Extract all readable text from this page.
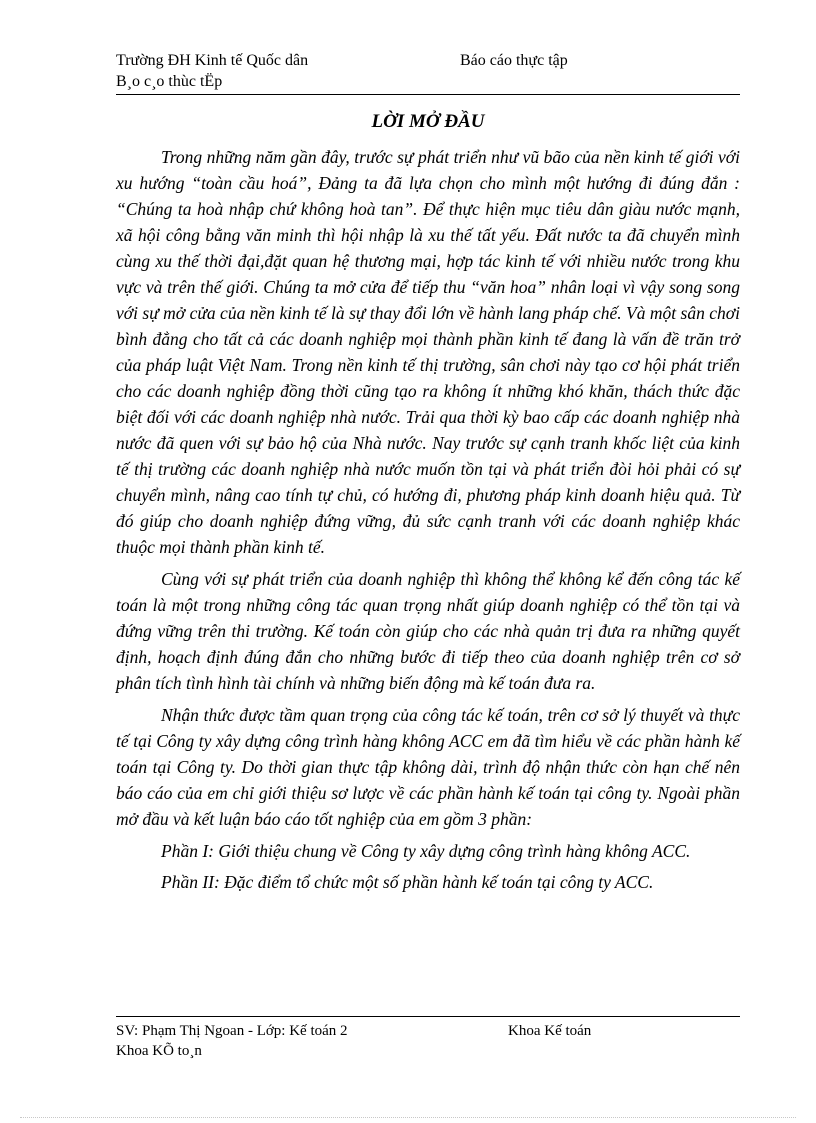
Trường ĐH Kinh tế Quốc dân	Báo cáo thực tập
B¸o c¸o thùc tËp
LỜI MỞ ĐẦU

Trong những năm gần đây, trước sự phát triển như vũ bão của nền kinh tế giới với xu hướng “toàn cầu hoá”, Đảng ta đã lựa chọn cho mình một hướng đi đúng đắn : “Chúng ta hoà nhập chứ không hoà tan”. Để thực hiện mục tiêu dân giàu nước mạnh, xã hội công bằng văn minh thì hội nhập là xu thế tất yếu. Đất nước ta đã chuyển mình cùng xu thế thời đại,đặt quan hệ thương mại, hợp tác kinh tế với nhiều nước trong khu vực và trên thế giới. Chúng ta mở cửa để tiếp thu “văn hoa” nhân loại vì vậy song song với sự mở cửa của nền kinh tế là sự thay đổi lớn về hành lang pháp chế. Và một sân chơi bình đẳng cho tất cả các doanh nghiệp mọi thành phần kinh tế đang là vấn đề trăn trở của pháp luật Việt Nam. Trong nền kinh tế thị trường, sân chơi này tạo cơ hội phát triển cho các doanh nghiệp đồng thời cũng tạo ra không ít những khó khăn, thách thức đặc biệt đối với các doanh nghiệp nhà nước. Trải qua thời kỳ bao cấp các doanh nghiệp nhà nước đã quen với sự bảo hộ của Nhà nước. Nay trước sự cạnh tranh khốc liệt của kinh tế thị trường các doanh nghiệp nhà nước muốn tồn tại và phát triển đòi hỏi phải có sự chuyển mình, nâng cao tính tự chủ, có hướng đi, phương pháp kinh doanh hiệu quả. Từ đó giúp cho doanh nghiệp đứng vững, đủ sức cạnh tranh với các doanh nghiệp khác thuộc mọi thành phần kinh tế.

Cùng với sự phát triển của doanh nghiệp thì không thể không kể đến công tác kế toán là một trong những công tác quan trọng nhất giúp doanh nghiệp có thể tồn tại và đứng vững trên thi trường. Kế toán còn giúp cho các nhà quản trị đưa ra những quyết định, hoạch định đúng đắn cho những bước đi tiếp theo của doanh nghiệp trên cơ sở phân tích tình hình tài chính và những biến động mà kế toán đưa ra.

Nhận thức được tầm quan trọng của công tác kế toán, trên cơ sở lý thuyết và thực tế tại Công ty xây dựng công trình hàng không ACC em đã tìm hiểu về các phần hành kế toán tại Công ty. Do thời gian thực tập không dài, trình độ nhận thức còn hạn chế nên báo cáo của em chỉ giới thiệu sơ lược về các phần hành kế toán tại công ty. Ngoài phần mở đầu và kết luận báo cáo tốt nghiệp của em gồm 3 phần:

Phần I: Giới thiệu chung về Công ty xây dựng công trình hàng không ACC.

Phần II: Đặc điểm tổ chức một số phần hành kế toán tại công ty ACC.

SV: Phạm Thị Ngoan - Lớp: Kế toán 2	Khoa Kế toán
Khoa KÕ to¸n
